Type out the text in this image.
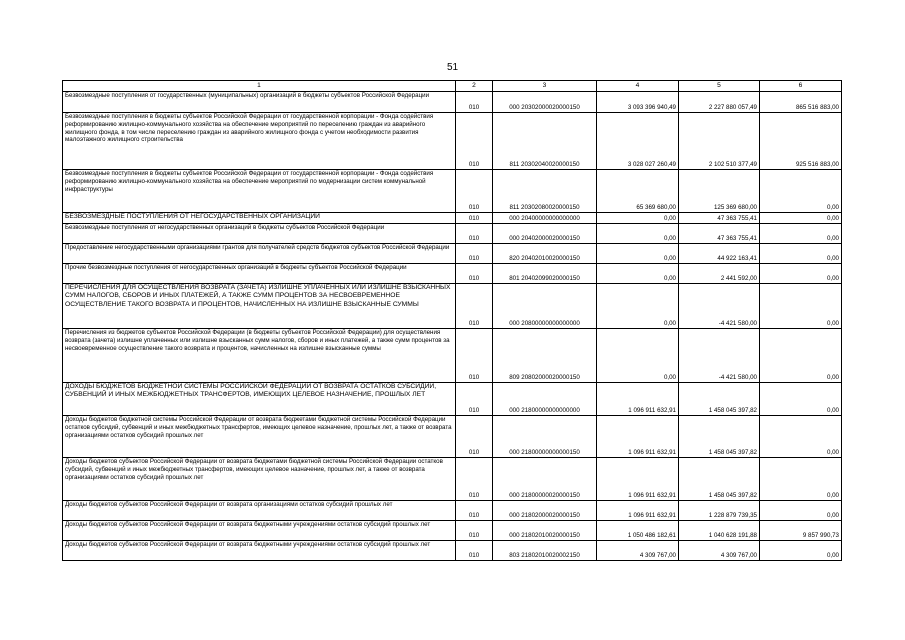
51
1	2	3	4	5	6
Безвозмездные поступления от государственных (муниципальных) организаций в бюджеты субъектов Российской Федерации	010	000 20302000020000150	3 093 396 940,49	2 227 880 057,49	865 516 883,00
Безвозмездные поступления в бюджеты субъектов Российской Федерации от государственной корпорации - Фонда содействия реформированию жилищно-коммунального хозяйства на обеспечение мероприятий по переселению граждан из аварийного жилищного фонда, в том числе переселению граждан из аварийного жилищного фонда с учетом необходимости развития малоэтажного жилищного строительства	010	811 20302040020000150	3 028 027 260,49	2 102 510 377,49	925 516 883,00
Безвозмездные поступления в бюджеты субъектов Российской Федерации от государственной корпорации - Фонда содействия реформированию жилищно-коммунального хозяйства на обеспечение мероприятий по модернизации систем коммунальной инфраструктуры	010	811 20302080020000150	65 369 680,00	125 369 680,00	0,00
БЕЗВОЗМЕЗДНЫЕ ПОСТУПЛЕНИЯ ОТ НЕГОСУДАРСТВЕННЫХ ОРГАНИЗАЦИЙ	010	000 20400000000000000	0,00	47 363 755,41	0,00
Безвозмездные поступления от негосударственных организаций в бюджеты субъектов Российской Федерации	010	000 20402000020000150	0,00	47 363 755,41	0,00
Предоставление негосударственными организациями грантов для получателей средств бюджетов субъектов Российской Федерации	010	820 20402010020000150	0,00	44 922 163,41	0,00
Прочие безвозмездные поступления от негосударственных организаций в бюджеты субъектов Российской Федерации	010	801 20402099020000150	0,00	2 441 592,00	0,00
ПЕРЕЧИСЛЕНИЯ ДЛЯ ОСУЩЕСТВЛЕНИЯ ВОЗВРАТА (ЗАЧЕТА) ИЗЛИШНЕ УПЛАЧЕННЫХ ИЛИ ИЗЛИШНЕ ВЗЫСКАННЫХ СУММ НАЛОГОВ, СБОРОВ И ИНЫХ ПЛАТЕЖЕЙ, А ТАКЖЕ СУММ ПРОЦЕНТОВ ЗА НЕСВОЕВРЕМЕННОЕ ОСУЩЕСТВЛЕНИЕ ТАКОГО ВОЗВРАТА И ПРОЦЕНТОВ, НАЧИСЛЕННЫХ НА ИЗЛИШНЕ ВЗЫСКАННЫЕ СУММЫ	010	000 20800000000000000	0,00	-4 421 580,00	0,00
Перечисления из бюджетов субъектов Российской Федерации (в бюджеты субъектов Российской Федерации) для осуществления возврата (зачета) излишне уплаченных или излишне взысканных сумм налогов, сборов и иных платежей, а также сумм процентов за несвоевременное осуществление такого возврата и процентов, начисленных на излишне взысканные суммы	010	809 20802000020000150	0,00	-4 421 580,00	0,00
ДОХОДЫ БЮДЖЕТОВ БЮДЖЕТНОЙ СИСТЕМЫ РОССИЙСКОЙ ФЕДЕРАЦИИ ОТ ВОЗВРАТА ОСТАТКОВ СУБСИДИЙ, СУБВЕНЦИЙ И ИНЫХ МЕЖБЮДЖЕТНЫХ ТРАНСФЕРТОВ, ИМЕЮЩИХ ЦЕЛЕВОЕ НАЗНАЧЕНИЕ, ПРОШЛЫХ ЛЕТ	010	000 21800000000000000	1 096 911 632,91	1 458 045 397,82	0,00
Доходы бюджетов бюджетной системы Российской Федерации от возврата бюджетами бюджетной системы Российской Федерации остатков субсидий, субвенций и иных межбюджетных трансфертов, имеющих целевое назначение, прошлых лет, а также от возврата организациями остатков субсидий прошлых лет	010	000 21800000000000150	1 096 911 632,91	1 458 045 397,82	0,00
Доходы бюджетов субъектов Российской Федерации от возврата бюджетами бюджетной системы Российской Федерации остатков субсидий, субвенций и иных межбюджетных трансфертов, имеющих целевое назначение, прошлых лет, а также от возврата организациями остатков субсидий прошлых лет	010	000 21800000020000150	1 096 911 632,91	1 458 045 397,82	0,00
Доходы бюджетов субъектов Российской Федерации от возврата организациями остатков субсидий прошлых лет	010	000 21802000020000150	1 096 911 632,91	1 228 879 739,35	0,00
Доходы бюджетов субъектов Российской Федерации от возврата бюджетными учреждениями остатков субсидий прошлых лет	010	000 21802010020000150	1 050 486 182,61	1 040 628 191,88	9 857 990,73
Доходы бюджетов субъектов Российской Федерации от возврата бюджетными учреждениями остатков субсидий прошлых лет	010	803 21802010020002150	4 309 767,00	4 309 767,00	0,00
